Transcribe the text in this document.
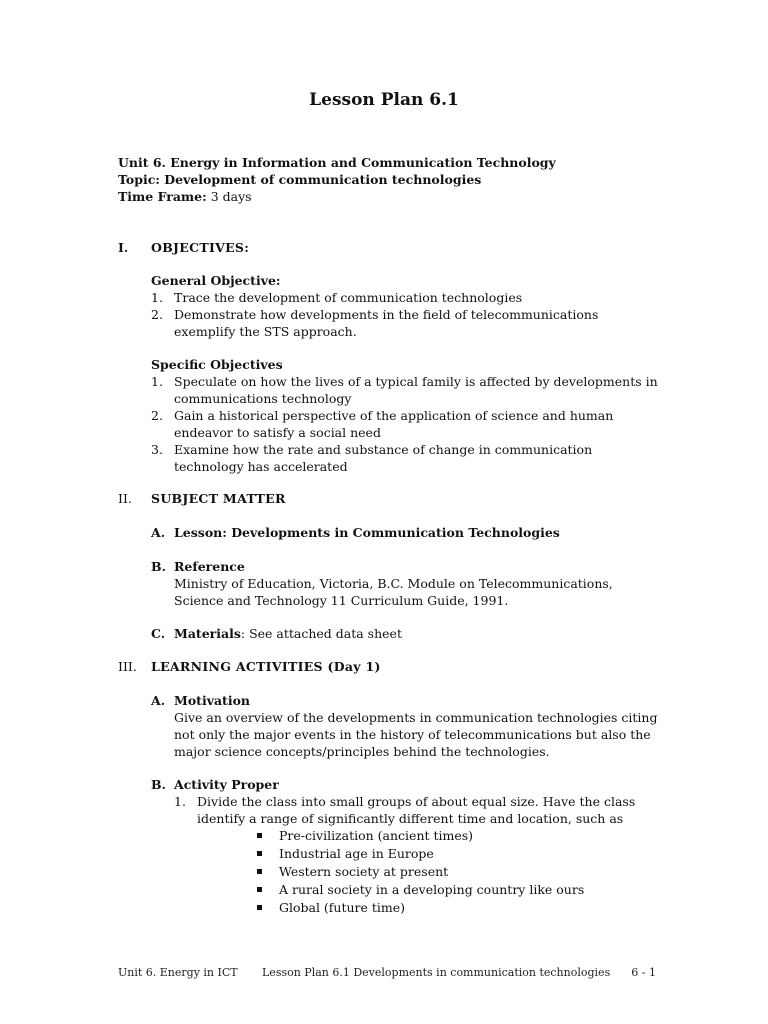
Lesson Plan 6.1
Unit 6. Energy in Information and Communication Technology
Topic: Development of communication technologies
Time Frame: 3 days
I. OBJECTIVES:
General Objective:
1. Trace the development of communication technologies
2. Demonstrate how developments in the field of telecommunications
exemplify the STS approach.
Specific Objectives
1. Speculate on how the lives of a typical family is affected by developments in
communications technology
2. Gain a historical perspective of the application of science and human
endeavor to satisfy a social need
3. Examine how the rate and substance of change in communication
technology has accelerated
II. SUBJECT MATTER
A. Lesson: Developments in Communication Technologies
B. Reference
Ministry of Education, Victoria, B.C. Module on Telecommunications,
Science and Technology 11 Curriculum Guide, 1991.
C. Materials: See attached data sheet
III. LEARNING ACTIVITIES (Day 1)
A. Motivation
Give an overview of the developments in communication technologies citing
not only the major events in the history of telecommunications but also the
major science concepts/principles behind the technologies.
B. Activity Proper
1. Divide the class into small groups of about equal size. Have the class
identify a range of significantly different time and location, such as
Pre-civilization (ancient times)
Industrial age in Europe
Western society at present
A rural society in a developing country like ours
Global (future time)
Unit 6. Energy in ICT Lesson Plan 6.1 Developments in communication technologies 6 - 1
